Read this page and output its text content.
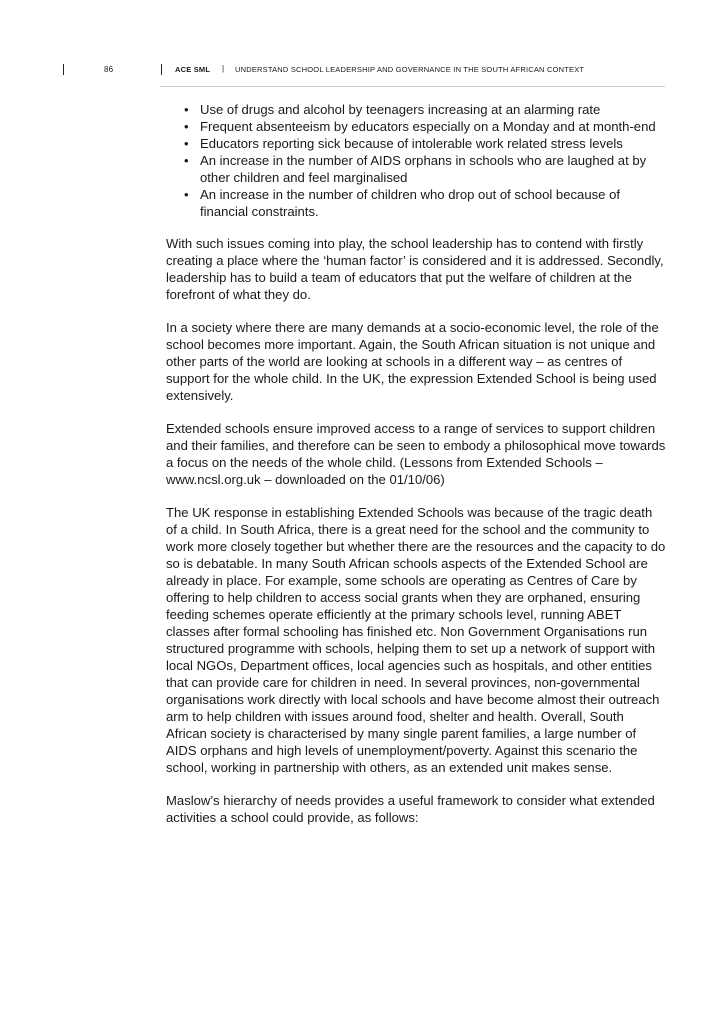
86	ACE SML | UNDERSTAND SCHOOL LEADERSHIP AND GOVERNANCE IN THE SOUTH AFRICAN CONTEXT
• Use of drugs and alcohol by teenagers increasing at an alarming rate
• Frequent absenteeism by educators especially on a Monday and at month-end
• Educators reporting sick because of intolerable work related stress levels
• An increase in the number of AIDS orphans in schools who are laughed at by other children and feel marginalised
• An increase in the number of children who drop out of school because of financial constraints.

With such issues coming into play, the school leadership has to contend with firstly creating a place where the ‘human factor’ is considered and it is addressed. Secondly, leadership has to build a team of educators that put the welfare of children at the forefront of what they do.

In a society where there are many demands at a socio-economic level, the role of the school becomes more important. Again, the South African situation is not unique and other parts of the world are looking at schools in a different way – as centres of support for the whole child. In the UK, the expression Extended School is being used extensively.

Extended schools ensure improved access to a range of services to support children and their families, and therefore can be seen to embody a philosophical move towards a focus on the needs of the whole child. (Lessons from Extended Schools – www.ncsl.org.uk – downloaded on the 01/10/06)

The UK response in establishing Extended Schools was because of the tragic death of a child. In South Africa, there is a great need for the school and the community to work more closely together but whether there are the resources and the capacity to do so is debatable. In many South African schools aspects of the Extended School are already in place. For example, some schools are operating as Centres of Care by offering to help children to access social grants when they are orphaned, ensuring feeding schemes operate efficiently at the primary schools level, running ABET classes after formal schooling has finished etc. Non Government Organisations run structured programme with schools, helping them to set up a network of support with local NGOs, Department offices, local agencies such as hospitals, and other entities that can provide care for children in need. In several provinces, non-governmental organisations work directly with local schools and have become almost their outreach arm to help children with issues around food, shelter and health. Overall, South African society is characterised by many single parent families, a large number of AIDS orphans and high levels of unemployment/poverty. Against this scenario the school, working in partnership with others, as an extended unit makes sense.

Maslow’s hierarchy of needs provides a useful framework to consider what extended activities a school could provide, as follows:
